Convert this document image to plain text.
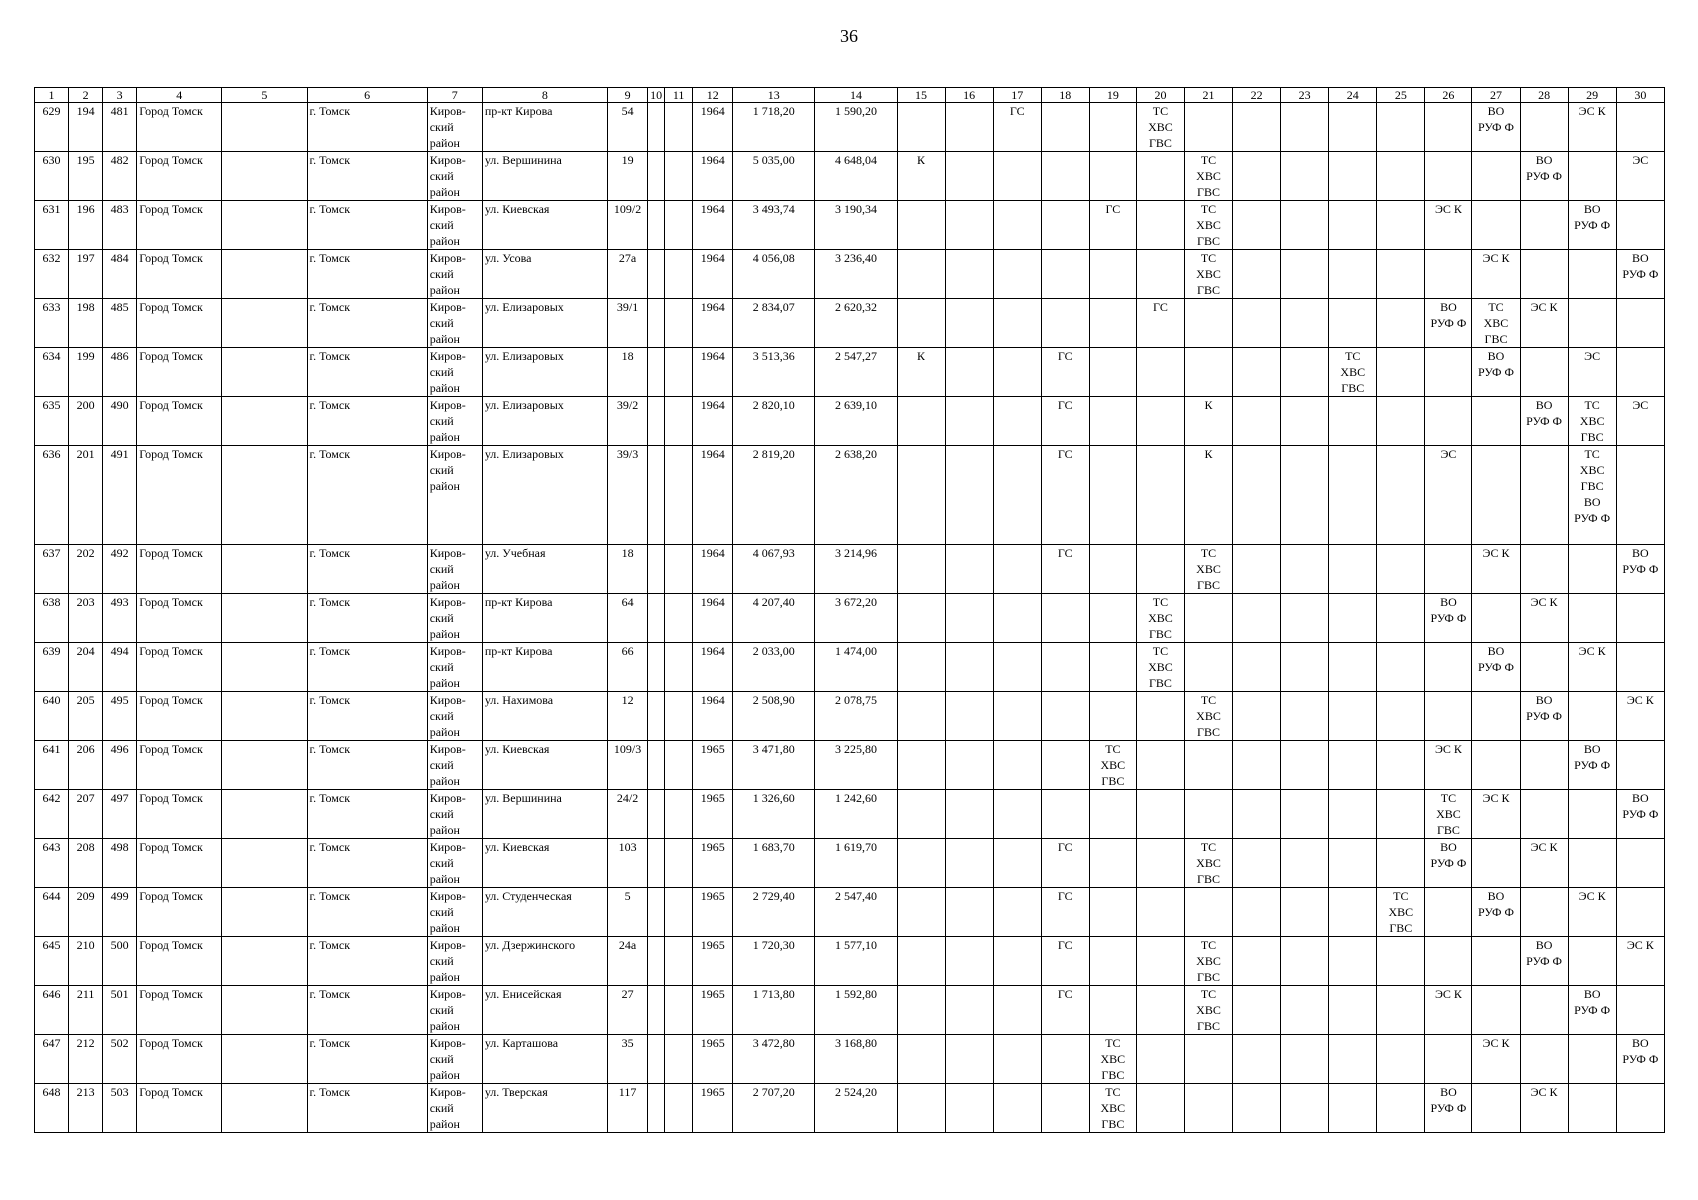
36
1	2	3	4	5	6	7	8	9	10	11	12	13	14	15	16	17	18	19	20	21	22	23	24	25	26	27	28	29	30
629	194	481	Город Томск		г. Томск	Киров-
ский
район	пр-кт Кирова	54			1964	1 718,20	1 590,20			ГС			ТС
ХВС
ГВС							ВО
РУФ Ф		ЭС К	

630	195	482	Город Томск		г. Томск	Киров-
ский
район	ул. Вершинина	19			1964	5 035,00	4 648,04	К						ТС
ХВС
ГВС							ВО
РУФ Ф		ЭС

631	196	483	Город Томск		г. Томск	Киров-
ский
район	ул. Киевская	109/2			1964	3 493,74	3 190,34					ГС		ТС
ХВС
ГВС					ЭС К			ВО
РУФ Ф	

632	197	484	Город Томск		г. Томск	Киров-
ский
район	ул. Усова	27а			1964	4 056,08	3 236,40							ТС
ХВС
ГВС						ЭС К			ВО
РУФ Ф

633	198	485	Город Томск		г. Томск	Киров-
ский
район	ул. Елизаровых	39/1			1964	2 834,07	2 620,32						ГС						ВО
РУФ Ф	ТС
ХВС
ГВС	ЭС К		

634	199	486	Город Томск		г. Томск	Киров-
ский
район	ул. Елизаровых	18			1964	3 513,36	2 547,27	К			ГС						ТС
ХВС
ГВС			ВО
РУФ Ф		ЭС	

635	200	490	Город Томск		г. Томск	Киров-
ский
район	ул. Елизаровых	39/2			1964	2 820,10	2 639,10				ГС			К							ВО
РУФ Ф	ТС
ХВС
ГВС	ЭС

636	201	491	Город Томск		г. Томск	Киров-
ский
район	ул. Елизаровых	39/3			1964	2 819,20	2 638,20				ГС			К					ЭС			ТС
ХВС
ГВС
ВО
РУФ Ф	

637	202	492	Город Томск		г. Томск	Киров-
ский
район	ул. Учебная	18			1964	4 067,93	3 214,96				ГС			ТС
ХВС
ГВС						ЭС К			ВО
РУФ Ф

638	203	493	Город Томск		г. Томск	Киров-
ский
район	пр-кт Кирова	64			1964	4 207,40	3 672,20						ТС
ХВС
ГВС						ВО
РУФ Ф		ЭС К		

639	204	494	Город Томск		г. Томск	Киров-
ский
район	пр-кт Кирова	66			1964	2 033,00	1 474,00						ТС
ХВС
ГВС							ВО
РУФ Ф		ЭС К	

640	205	495	Город Томск		г. Томск	Киров-
ский
район	ул. Нахимова	12			1964	2 508,90	2 078,75							ТС
ХВС
ГВС							ВО
РУФ Ф		ЭС К

641	206	496	Город Томск		г. Томск	Киров-
ский
район	ул. Киевская	109/3			1965	3 471,80	3 225,80					ТС
ХВС
ГВС							ЭС К			ВО
РУФ Ф	

642	207	497	Город Томск		г. Томск	Киров-
ский
район	ул. Вершинина	24/2			1965	1 326,60	1 242,60												ТС
ХВС
ГВС	ЭС К			ВО
РУФ Ф

643	208	498	Город Томск		г. Томск	Киров-
ский
район	ул. Киевская	103			1965	1 683,70	1 619,70				ГС			ТС
ХВС
ГВС					ВО
РУФ Ф		ЭС К		

644	209	499	Город Томск		г. Томск	Киров-
ский
район	ул. Студенческая	5			1965	2 729,40	2 547,40				ГС							ТС
ХВС
ГВС		ВО
РУФ Ф		ЭС К	

645	210	500	Город Томск		г. Томск	Киров-
ский
район	ул. Дзержинского	24а			1965	1 720,30	1 577,10				ГС			ТС
ХВС
ГВС							ВО
РУФ Ф		ЭС К

646	211	501	Город Томск		г. Томск	Киров-
ский
район	ул. Енисейская	27			1965	1 713,80	1 592,80				ГС			ТС
ХВС
ГВС					ЭС К			ВО
РУФ Ф	

647	212	502	Город Томск		г. Томск	Киров-
ский
район	ул. Карташова	35			1965	3 472,80	3 168,80					ТС
ХВС
ГВС								ЭС К			ВО
РУФ Ф

648	213	503	Город Томск		г. Томск	Киров-
ский
район	ул. Тверская	117			1965	2 707,20	2 524,20					ТС
ХВС
ГВС							ВО
РУФ Ф		ЭС К		
